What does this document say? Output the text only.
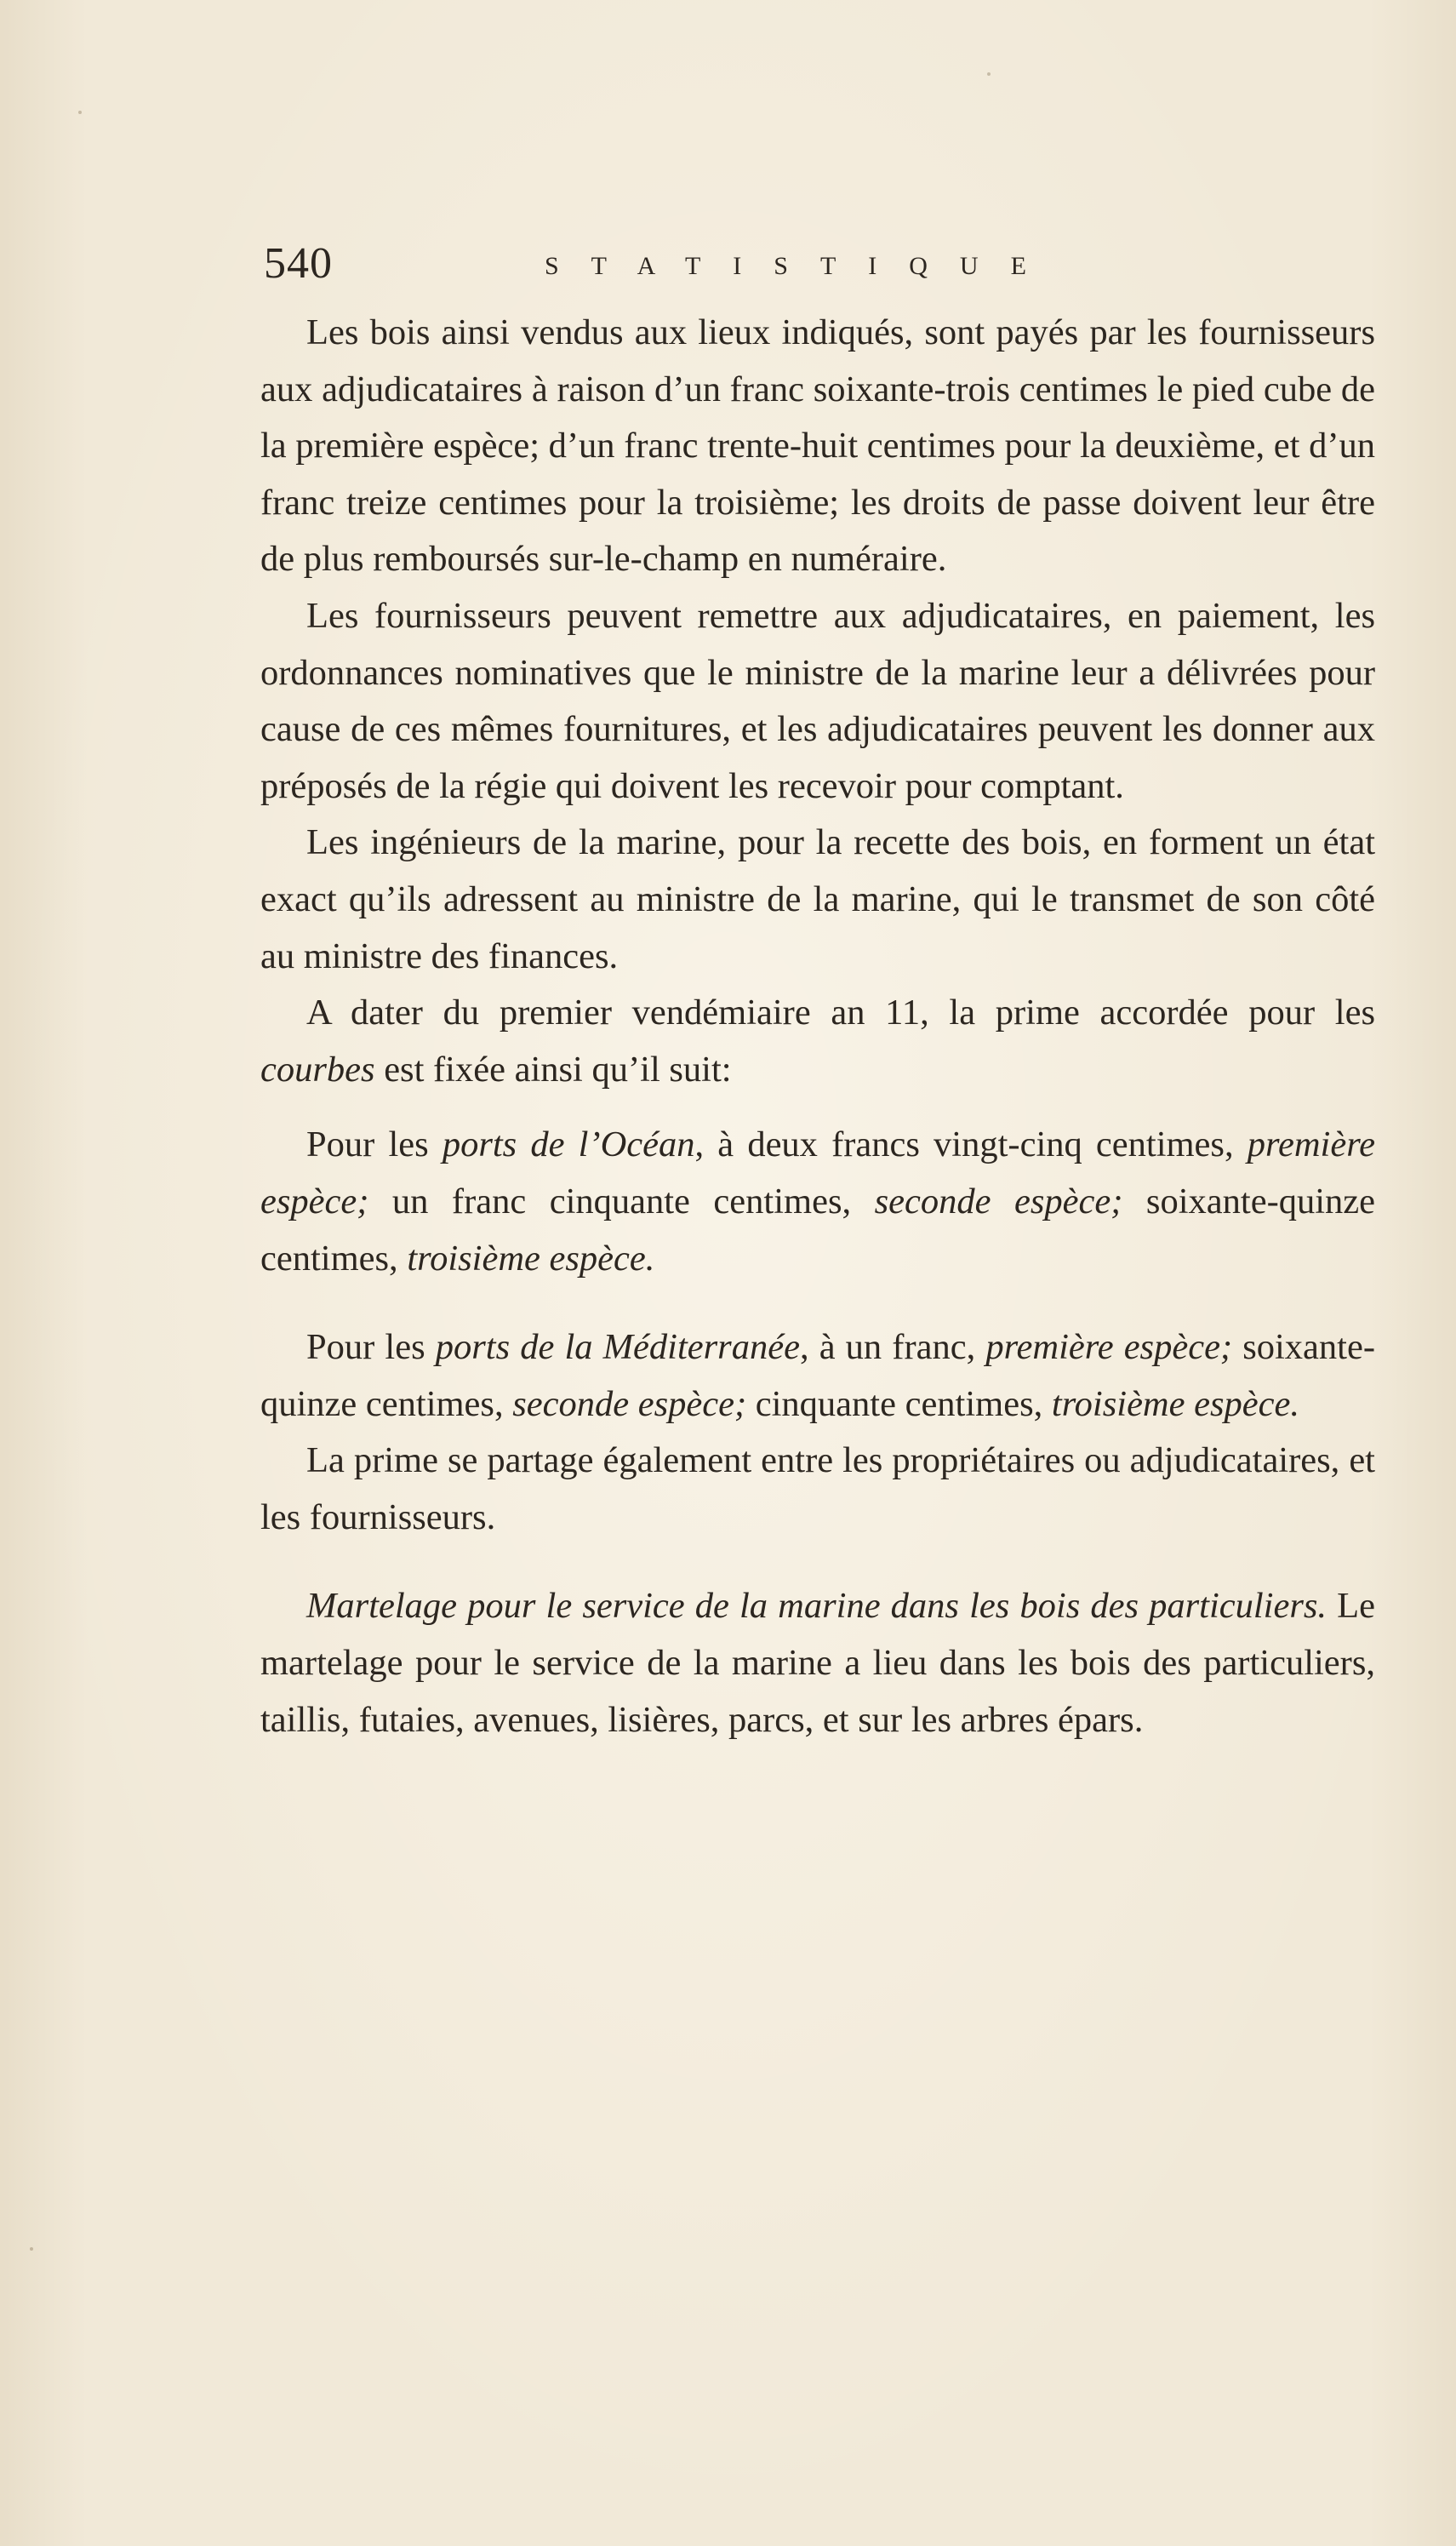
540	STATISTIQUE

Les bois ainsi vendus aux lieux indiqués, sont payés par les fournisseurs aux adjudicataires à raison d’un franc soixante-trois centimes le pied cube de la première espèce; d’un franc trente-huit centimes pour la deuxième, et d’un franc treize centimes pour la troisième; les droits de passe doivent leur être de plus remboursés sur-le-champ en numéraire.

Les fournisseurs peuvent remettre aux adjudicataires, en paiement, les ordonnances nominatives que le ministre de la marine leur a délivrées pour cause de ces mêmes fournitures, et les adjudicataires peuvent les donner aux préposés de la régie qui doivent les recevoir pour comptant.

Les ingénieurs de la marine, pour la recette des bois, en forment un état exact qu’ils adressent au ministre de la marine, qui le transmet de son côté au ministre des finances.

A dater du premier vendémiaire an 11, la prime accordée pour les courbes est fixée ainsi qu’il suit:

Pour les ports de l’Océan, à deux francs vingt-cinq centimes, première espèce; un franc cinquante centimes, seconde espèce; soixante-quinze centimes, troisième espèce.

Pour les ports de la Méditerranée, à un franc, première espèce; soixante-quinze centimes, seconde espèce; cinquante centimes, troisième espèce.

La prime se partage également entre les propriétaires ou adjudicataires, et les fournisseurs.

Martelage pour le service de la marine dans les bois des particuliers. Le martelage pour le service de la marine a lieu dans les bois des particuliers, taillis, futaies, avenues, lisières, parcs, et sur les arbres épars.
